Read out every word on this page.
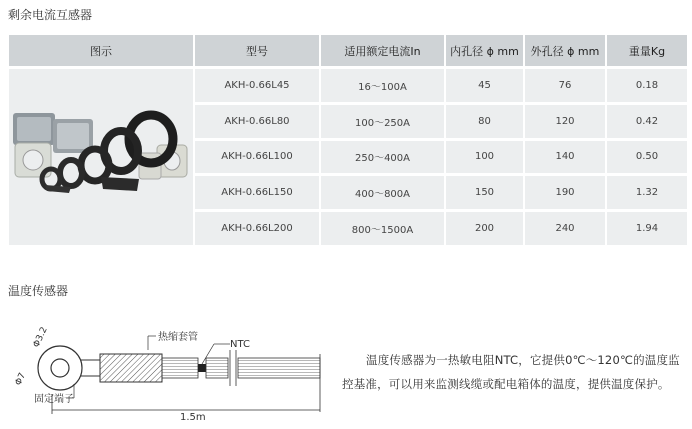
剩余电流互感器
图示	型号	适用额定电流In	内孔径 ϕ mm	外孔径 ϕ mm	重量Kg
	AKH-0.66L45	16～100A	45	76	0.18
	AKH-0.66L80	100～250A	80	120	0.42
	AKH-0.66L100	250～400A	100	140	0.50
	AKH-0.66L150	400～800A	150	190	1.32
	AKH-0.66L200	800～1500A	200	240	1.94
温度传感器
Φ3.2
Φ7
热缩套管
NTC
固定端子
1.5m
温度传感器为一热敏电阻NTC，它提供0℃～120℃的温度监控基准，可以用来监测线缆或配电箱体的温度，提供温度保护。
